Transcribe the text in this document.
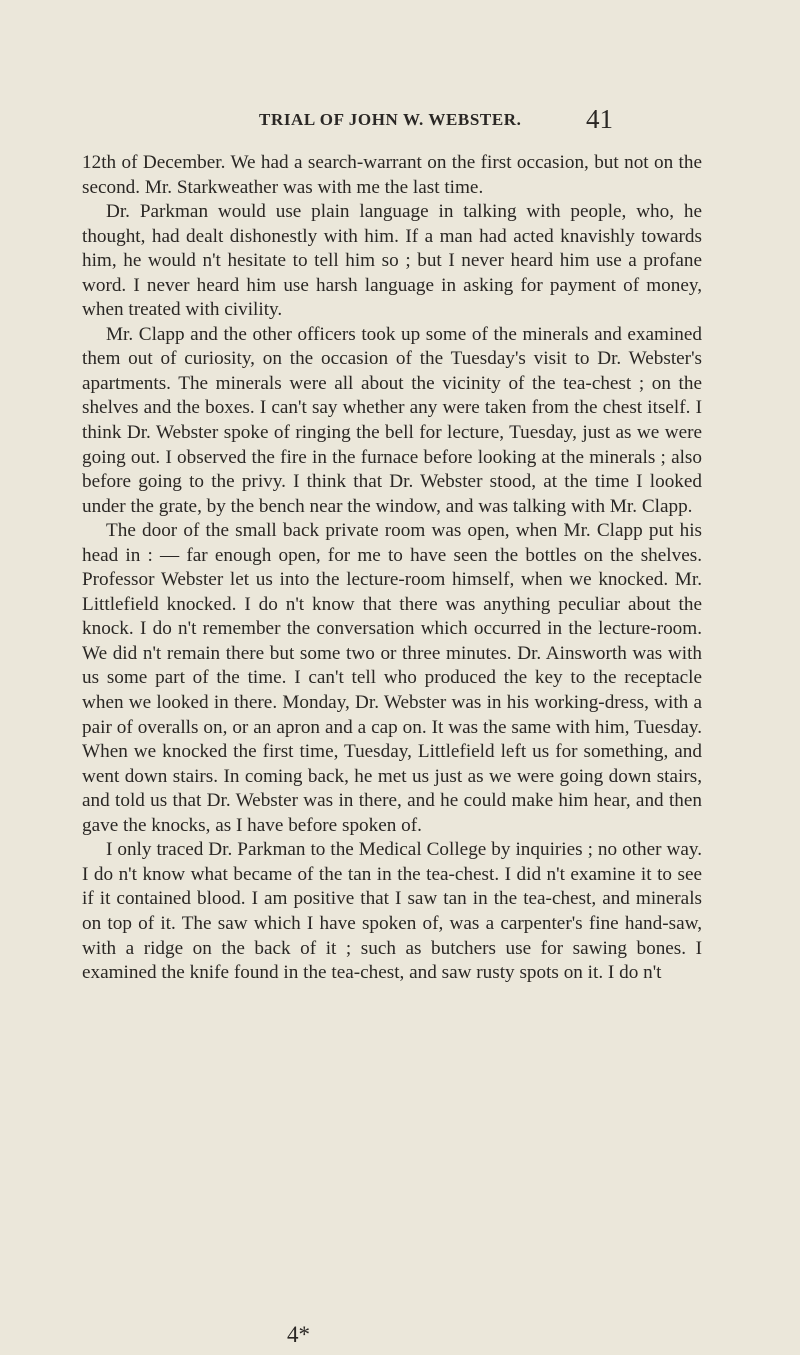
TRIAL OF JOHN W. WEBSTER. 41

12th of December. We had a search-warrant on the first occasion, but not on the second. Mr. Starkweather was with me the last time.

Dr. Parkman would use plain language in talking with people, who, he thought, had dealt dishonestly with him. If a man had acted knavishly towards him, he would n't hesitate to tell him so ; but I never heard him use a profane word. I never heard him use harsh language in asking for payment of money, when treated with civility.

Mr. Clapp and the other officers took up some of the minerals and examined them out of curiosity, on the occasion of the Tuesday's visit to Dr. Webster's apartments. The minerals were all about the vicinity of the tea-chest ; on the shelves and the boxes. I can't say whether any were taken from the chest itself. I think Dr. Webster spoke of ringing the bell for lecture, Tuesday, just as we were going out. I observed the fire in the furnace before looking at the minerals ; also before going to the privy. I think that Dr. Webster stood, at the time I looked under the grate, by the bench near the window, and was talking with Mr. Clapp.

The door of the small back private room was open, when Mr. Clapp put his head in : — far enough open, for me to have seen the bottles on the shelves. Professor Webster let us into the lecture-room himself, when we knocked. Mr. Littlefield knocked. I do n't know that there was anything peculiar about the knock. I do n't remember the conversation which occurred in the lecture-room. We did n't remain there but some two or three minutes. Dr. Ainsworth was with us some part of the time. I can't tell who produced the key to the receptacle when we looked in there. Monday, Dr. Webster was in his working-dress, with a pair of overalls on, or an apron and a cap on. It was the same with him, Tuesday. When we knocked the first time, Tuesday, Littlefield left us for something, and went down stairs. In coming back, he met us just as we were going down stairs, and told us that Dr. Webster was in there, and he could make him hear, and then gave the knocks, as I have before spoken of.

I only traced Dr. Parkman to the Medical College by inquiries ; no other way. I do n't know what became of the tan in the tea-chest. I did n't examine it to see if it contained blood. I am positive that I saw tan in the tea-chest, and minerals on top of it. The saw which I have spoken of, was a carpenter's fine hand-saw, with a ridge on the back of it ; such as butchers use for sawing bones. I examined the knife found in the tea-chest, and saw rusty spots on it. I do n't

4*
